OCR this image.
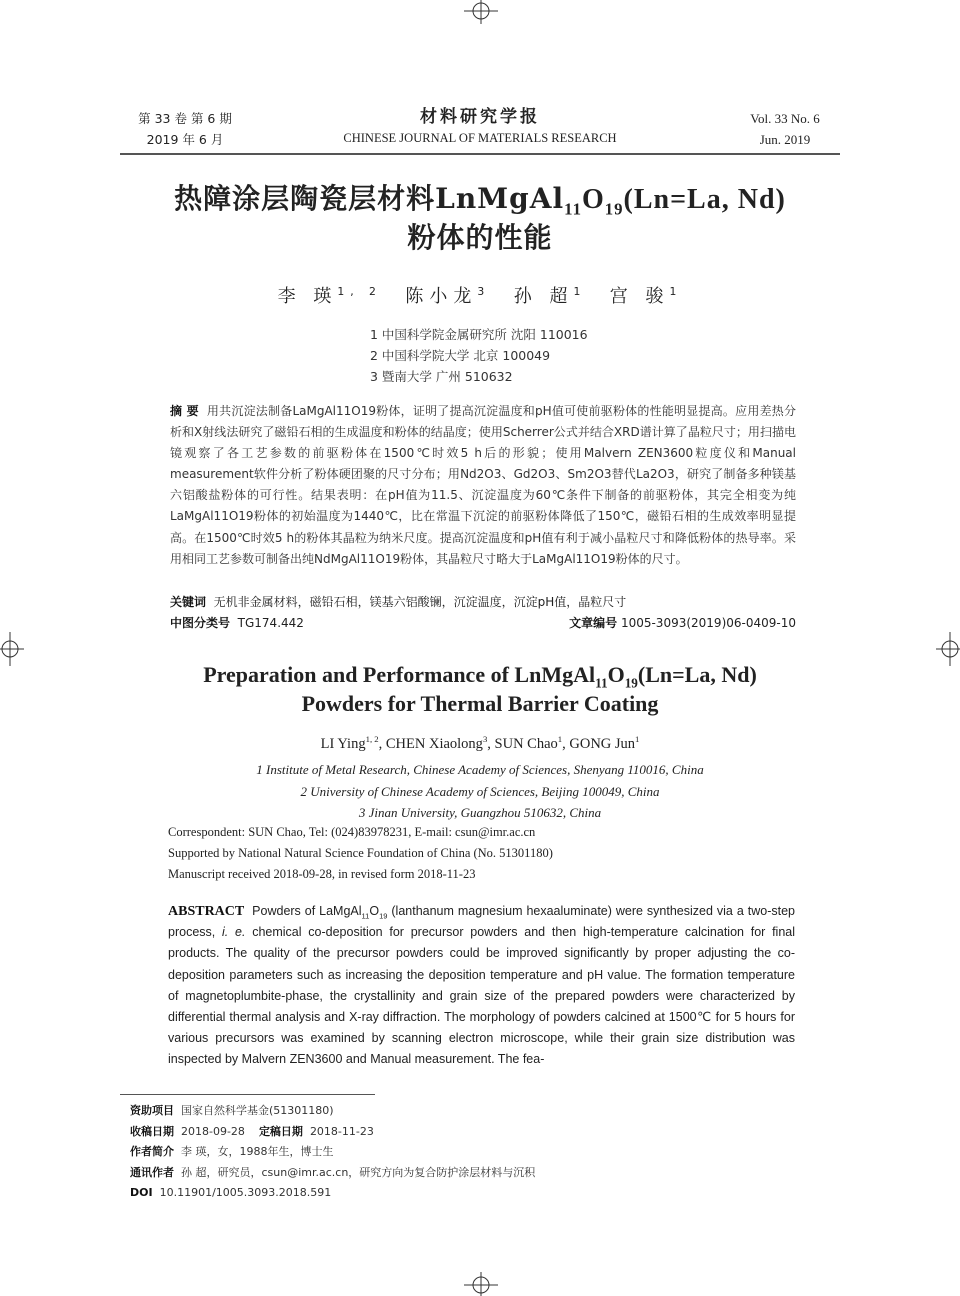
第 33 卷 第 6 期
2019 年 6 月
材料研究学报
CHINESE JOURNAL OF MATERIALS RESEARCH
Vol. 33 No. 6
Jun. 2019
热障涂层陶瓷层材料$LnMgAl_{11}O_{19}(Ln=La$, Nd)
粉体的性能
李 瑛$^{1, 2}$ 陈小龙$^3$ 孙 超$^1$ 宫 骏$^1$
1 中国科学院金属研究所 沈阳 110016
2 中国科学院大学 北京 100049
3 暨南大学 广州 510632
摘 要 用共沉淀法制备LaMgAl11O19粉体，证明了提高沉淀温度和pH值可使前驱粉体的性能明显提高。应用差热分析和X射线法研究了磁铅石相的生成温度和粉体的结晶度；使用Scherrer公式并结合XRD谱计算了晶粒尺寸；用扫描电镜观察了各工艺参数的前驱粉体在1500℃时效5 h后的形貌；使用Malvern ZEN3600粒度仪和Manual measurement软件分析了粉体硬团聚的尺寸分布；用Nd2O3、Gd2O3、Sm2O3替代La2O3，研究了制备多种镁基六铝酸盐粉体的可行性。结果表明：在pH值为11.5、沉淀温度为60℃条件下制备的前驱粉体，其完全相变为纯LaMgAl11O19粉体的初始温度为1440℃，比在常温下沉淀的前驱粉体降低了150℃，磁铅石相的生成效率明显提高。在1500℃时效5 h的粉体其晶粒为纳米尺度。提高沉淀温度和pH值有利于减小晶粒尺寸和降低粉体的热导率。采用相同工艺参数可制备出纯NdMgAl11O19粉体，其晶粒尺寸略大于LaMgAl11O19粉体的尺寸。
关键词 无机非金属材料，磁铅石相，镁基六铝酸镧，沉淀温度，沉淀pH值，晶粒尺寸
中图分类号 TG174.442	文章编号 1005-3093(2019)06-0409-10
Preparation and Performance of $LnMgAl_{11}O_{19}(Ln=La$, Nd)
Powders for Thermal Barrier Coating
LI Ying$^{1, 2}$, CHEN Xiaolong$^3$, SUN Chao$^1$, GONG Jun$^1$
1 Institute of Metal Research, Chinese Academy of Sciences, Shenyang 110016, China
2 University of Chinese Academy of Sciences, Beijing 100049, China
3 Jinan University, Guangzhou 510632, China
Correspondent: SUN Chao, Tel: (024)83978231, E-mail: csun@imr.ac.cn
Supported by National Natural Science Foundation of China (No. 51301180)
Manuscript received 2018-09-28, in revised form 2018-11-23
ABSTRACT Powders of $LaMgAl_{11}O_{19}$ (lanthanum magnesium hexaaluminate) were synthesized via a two-step process, i. e. chemical co-deposition for precursor powders and then high-temperature calcination for final products. The quality of the precursor powders could be improved significantly by proper adjusting the co-deposition parameters such as increasing the deposition temperature and pH value. The formation temperature of magnetoplumbite-phase, the crystallinity and grain size of the prepared powders were characterized by differential thermal analysis and X-ray diffraction. The morphology of powders calcined at 1500℃ for 5 hours for various precursors was examined by scanning electron microscope, while their grain size distribution was inspected by Malvern ZEN3600 and Manual measurement. The fea-
资助项目 国家自然科学基金(51301180)
收稿日期 2018-09-28 定稿日期 2018-11-23
作者简介 李 瑛，女，1988年生，博士生
通讯作者 孙 超，研究员，csun@imr.ac.cn，研究方向为复合防护涂层材料与沉积
DOI 10.11901/1005.3093.2018.591
